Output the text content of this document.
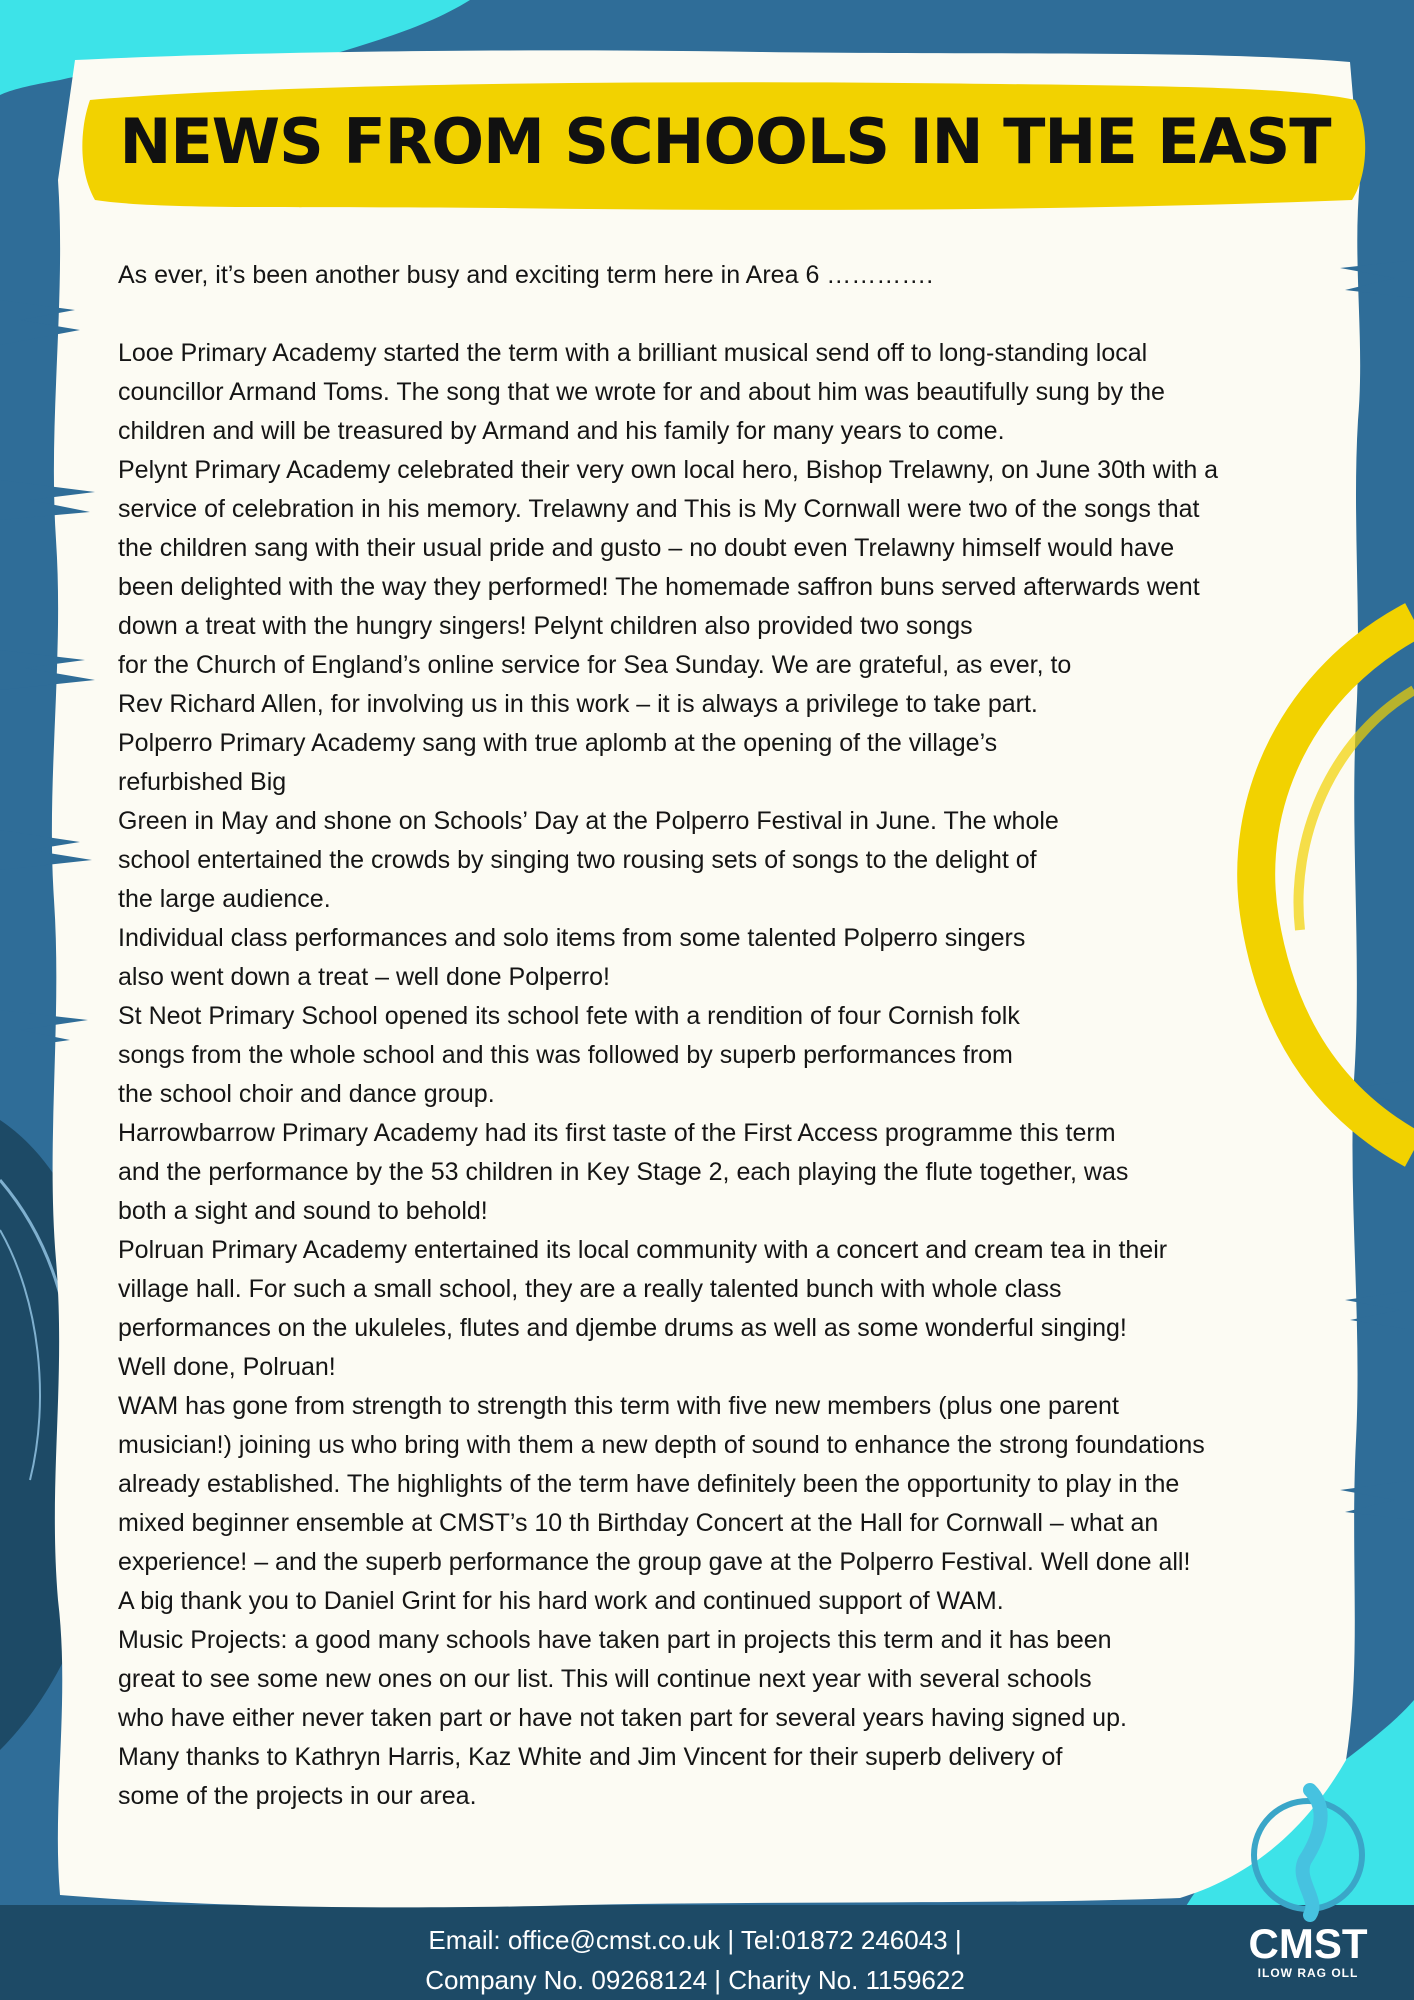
NEWS FROM SCHOOLS IN THE EAST

As ever, it’s been another busy and exciting term here in Area 6 ………….

Looe Primary Academy started the term with a brilliant musical send off to long-standing local

councillor Armand Toms. The song that we wrote for and about him was beautifully sung by the

children and will be treasured by Armand and his family for many years to come.

Pelynt Primary Academy celebrated their very own local hero, Bishop Trelawny, on June 30th with a

service of celebration in his memory. Trelawny and This is My Cornwall were two of the songs that

the children sang with their usual pride and gusto – no doubt even Trelawny himself would have

been delighted with the way they performed! The homemade saffron buns served afterwards went

down a treat with the hungry singers! Pelynt children also provided two songs

for the Church of England’s online service for Sea Sunday. We are grateful, as ever, to

Rev Richard Allen, for involving us in this work – it is always a privilege to take part.

Polperro Primary Academy sang with true aplomb at the opening of the village’s

refurbished Big

Green in May and shone on Schools’ Day at the Polperro Festival in June. The whole

school entertained the crowds by singing two rousing sets of songs to the delight of

the large audience.

Individual class performances and solo items from some talented Polperro singers

also went down a treat – well done Polperro!

St Neot Primary School opened its school fete with a rendition of four Cornish folk

songs from the whole school and this was followed by superb performances from

the school choir and dance group.

Harrowbarrow Primary Academy had its first taste of the First Access programme this term

and the performance by the 53 children in Key Stage 2, each playing the flute together, was

both a sight and sound to behold!

Polruan Primary Academy entertained its local community with a concert and cream tea in their

village hall. For such a small school, they are a really talented bunch with whole class

performances on the ukuleles, flutes and djembe drums as well as some wonderful singing!

Well done, Polruan!

WAM has gone from strength to strength this term with five new members (plus one parent

musician!) joining us who bring with them a new depth of sound to enhance the strong foundations

already established. The highlights of the term have definitely been the opportunity to play in the

mixed beginner ensemble at CMST’s 10 th Birthday Concert at the Hall for Cornwall – what an

experience! – and the superb performance the group gave at the Polperro Festival. Well done all!

A big thank you to Daniel Grint for his hard work and continued support of WAM.

Music Projects: a good many schools have taken part in projects this term and it has been

great to see some new ones on our list. This will continue next year with several schools

who have either never taken part or have not taken part for several years having signed up.

Many thanks to Kathryn Harris, Kaz White and Jim Vincent for their superb delivery of

some of the projects in our area.

Email: office@cmst.co.uk | Tel:01872 246043 |
Company No. 09268124 | Charity No. 1159622
CMST
ILOW RAG OLL
